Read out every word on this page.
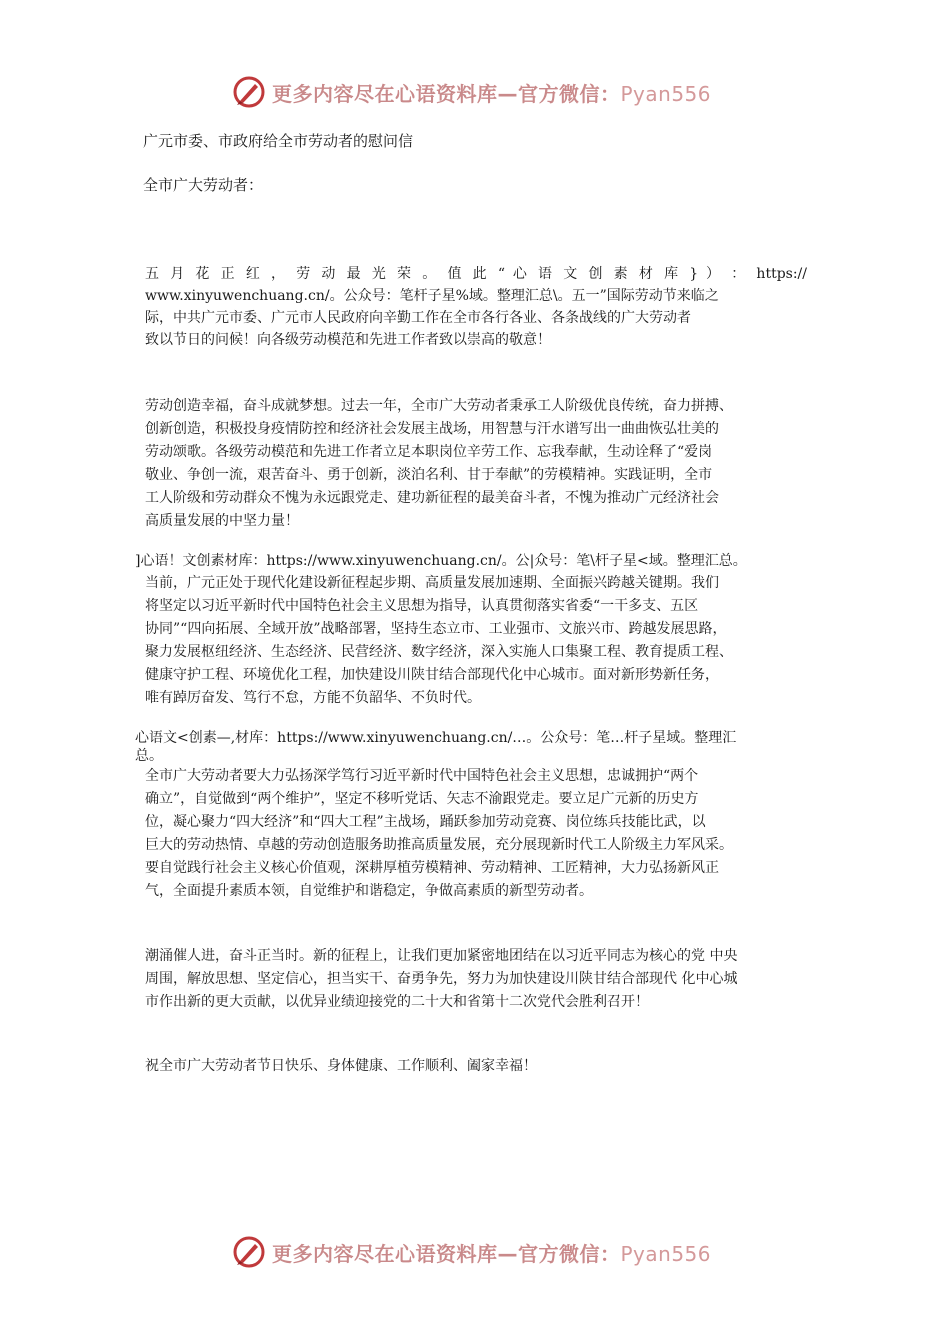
更多内容尽在心语资料库—官方微信：Pyan556
广元市委、市政府给全市劳动者的慰问信
全市广大劳动者：
五 月 花 正 红 ， 劳 动 最 光 荣 。 值 此 “ 心 语 文 创 素 材 库 } ） ： https://
www.xinyuwenchuang.cn/。公众号：笔杆子星%域。整理汇总\。五一”国际劳动节来临之
际，中共广元市委、广元市人民政府向辛勤工作在全市各行各业、各条战线的广大劳动者
致以节日的问候！向各级劳动模范和先进工作者致以崇高的敬意！
劳动创造幸福，奋斗成就梦想。过去一年，全市广大劳动者秉承工人阶级优良传统，奋力拼搏、
创新创造，积极投身疫情防控和经济社会发展主战场，用智慧与汗水谱写出一曲曲恢弘壮美的
劳动颂歌。各级劳动模范和先进工作者立足本职岗位辛劳工作、忘我奉献，生动诠释了“爱岗
敬业、争创一流，艰苦奋斗、勇于创新，淡泊名利、甘于奉献”的劳模精神。实践证明，全市
工人阶级和劳动群众不愧为永远跟党走、建功新征程的最美奋斗者，不愧为推动广元经济社会
高质量发展的中坚力量！
]心语！文创素材库：https://www.xinyuwenchuang.cn/。公|众号：笔\杆子星<域。整理汇总。
当前，广元正处于现代化建设新征程起步期、高质量发展加速期、全面振兴跨越关键期。我们
将坚定以习近平新时代中国特色社会主义思想为指导，认真贯彻落实省委“一干多支、五区
协同”“四向拓展、全域开放”战略部署，坚持生态立市、工业强市、文旅兴市、跨越发展思路，
聚力发展枢纽经济、生态经济、民营经济、数字经济，深入实施人口集聚工程、教育提质工程、
健康守护工程、环境优化工程，加快建设川陕甘结合部现代化中心城市。面对新形势新任务，
唯有踔厉奋发、笃行不怠，方能不负韶华、不负时代。
心语文<创素—,材库：https://www.xinyuwenchuang.cn/…。公众号：笔…杆子星域。整理汇
总。
全市广大劳动者要大力弘扬深学笃行习近平新时代中国特色社会主义思想，忠诚拥护“两个
确立”，自觉做到“两个维护”，坚定不移听党话、矢志不渝跟党走。要立足广元新的历史方
位，凝心聚力“四大经济”和“四大工程”主战场，踊跃参加劳动竞赛、岗位练兵技能比武，以
巨大的劳动热情、卓越的劳动创造服务助推高质量发展，充分展现新时代工人阶级主力军风采。
要自觉践行社会主义核心价值观，深耕厚植劳模精神、劳动精神、工匠精神，大力弘扬新风正
气，全面提升素质本领，自觉维护和谐稳定，争做高素质的新型劳动者。
潮涌催人进，奋斗正当时。新的征程上，让我们更加紧密地团结在以习近平同志为核心的党 中央
周围，解放思想、坚定信心，担当实干、奋勇争先，努力为加快建设川陕甘结合部现代 化中心城
市作出新的更大贡献，以优异业绩迎接党的二十大和省第十二次党代会胜利召开！
祝全市广大劳动者节日快乐、身体健康、工作顺利、阖家幸福！
更多内容尽在心语资料库—官方微信：Pyan556
